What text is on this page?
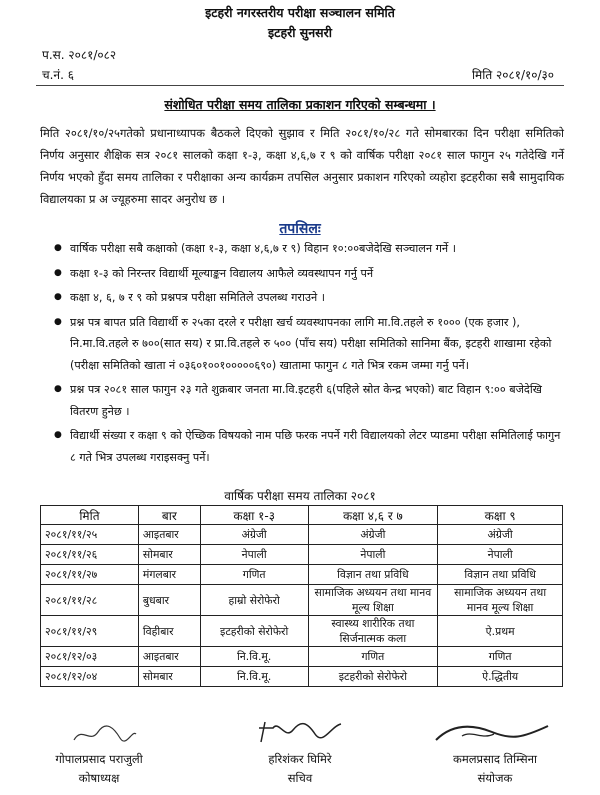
इटहरी नगरस्तरीय परीक्षा सञ्चालन समिति
इटहरी सुनसरी
प.स. २०८१/०८२
च.नं. ६	मिति २०८१/१०/३०
संशोधित परीक्षा समय तालिका प्रकाशन गरिएको सम्बन्धमा ।
मिति २०८१/१०/२५गतेको प्रधानाध्यापक बैठकले दिएको सुझाव र मिति २०८१/१०/२८ गते सोमबारका दिन परीक्षा समितिको निर्णय अनुसार शैक्षिक सत्र २०८१ सालको कक्षा १-३, कक्षा ४,६,७ र ९ को वार्षिक परीक्षा २०८१ साल फागुन २५ गतेदेखि गर्ने निर्णय भएको हुँदा समय तालिका र परीक्षाका अन्य कार्यक्रम तपसिल अनुसार प्रकाशन गरिएको व्यहोरा इटहरीका सबै सामुदायिक विद्यालयका प्र अ ज्यूहरुमा सादर अनुरोध छ ।
तपसिलः
● वार्षिक परीक्षा सबै कक्षाको (कक्षा १-३, कक्षा ४,६,७ र ९) विहान १०:००बजेदेखि सञ्चालन गर्ने ।
● कक्षा १-३ को निरन्तर विद्यार्थी मूल्याङ्कन विद्यालय आफैले व्यवस्थापन गर्नु पर्ने
● कक्षा ४, ६, ७ र ९ को प्रश्नपत्र परीक्षा समितिले उपलब्ध गराउने ।
● प्रश्न पत्र बापत प्रति विद्यार्थी रु २५का दरले र परीक्षा खर्च व्यवस्थापनका लागि मा.वि.तहले रु १००० (एक हजार ), नि.मा.वि.तहले रु ७००(सात सय) र प्रा.वि.तहले रु ५०० (पाँच सय) परीक्षा समितिको सानिमा बैंक, इटहरी शाखामा रहेको (परीक्षा समितिको खाता नं ०३६०१००१०००००६९०) खातामा फागुन ८ गते भित्र रकम जम्मा गर्नु पर्ने।
● प्रश्न पत्र २०८१ साल फागुन २३ गते शुक्रबार जनता मा.वि.इटहरी ६(पहिले स्रोत केन्द्र भएको) बाट विहान ९:०० बजेदेखि वितरण हुनेछ ।
● विद्यार्थी संख्या र कक्षा ९ को ऐच्छिक विषयको नाम पछि फरक नपर्ने गरी विद्यालयको लेटर प्याडमा परीक्षा समितिलाई फागुन ८ गते भित्र उपलब्ध गराइसक्नु पर्ने।
वार्षिक परीक्षा समय तालिका २०८१
मिति	बार	कक्षा १-३	कक्षा ४,६ र ७	कक्षा ९
२०८१/११/२५	आइतबार	अंग्रेजी	अंग्रेजी	अंग्रेजी
२०८१/११/२६	सोमबार	नेपाली	नेपाली	नेपाली
२०८१/११/२७	मंगलबार	गणित	विज्ञान तथा प्रविधि	विज्ञान तथा प्रविधि
२०८१/११/२८	बुधबार	हाम्रो सेरोफेरो	सामाजिक अध्ययन तथा मानव मूल्य शिक्षा	सामाजिक अध्ययन तथा मानव मूल्य शिक्षा
२०८१/११/२९	विहीबार	इटहरीको सेरोफेरो	स्वास्थ्य शारीरिक तथा सिर्जनात्मक कला	ऐ.प्रथम
२०८१/१२/०३	आइतबार	नि.वि.मू.	गणित	गणित
२०८१/१२/०४	सोमबार	नि.वि.मू.	इटहरीको सेरोफेरो	ऐ.द्धितीय
गोपालप्रसाद पराजुली
कोषाध्यक्ष
हरिशंकर घिमिरे
सचिव
कमलप्रसाद तिम्सिना
संयोजक
